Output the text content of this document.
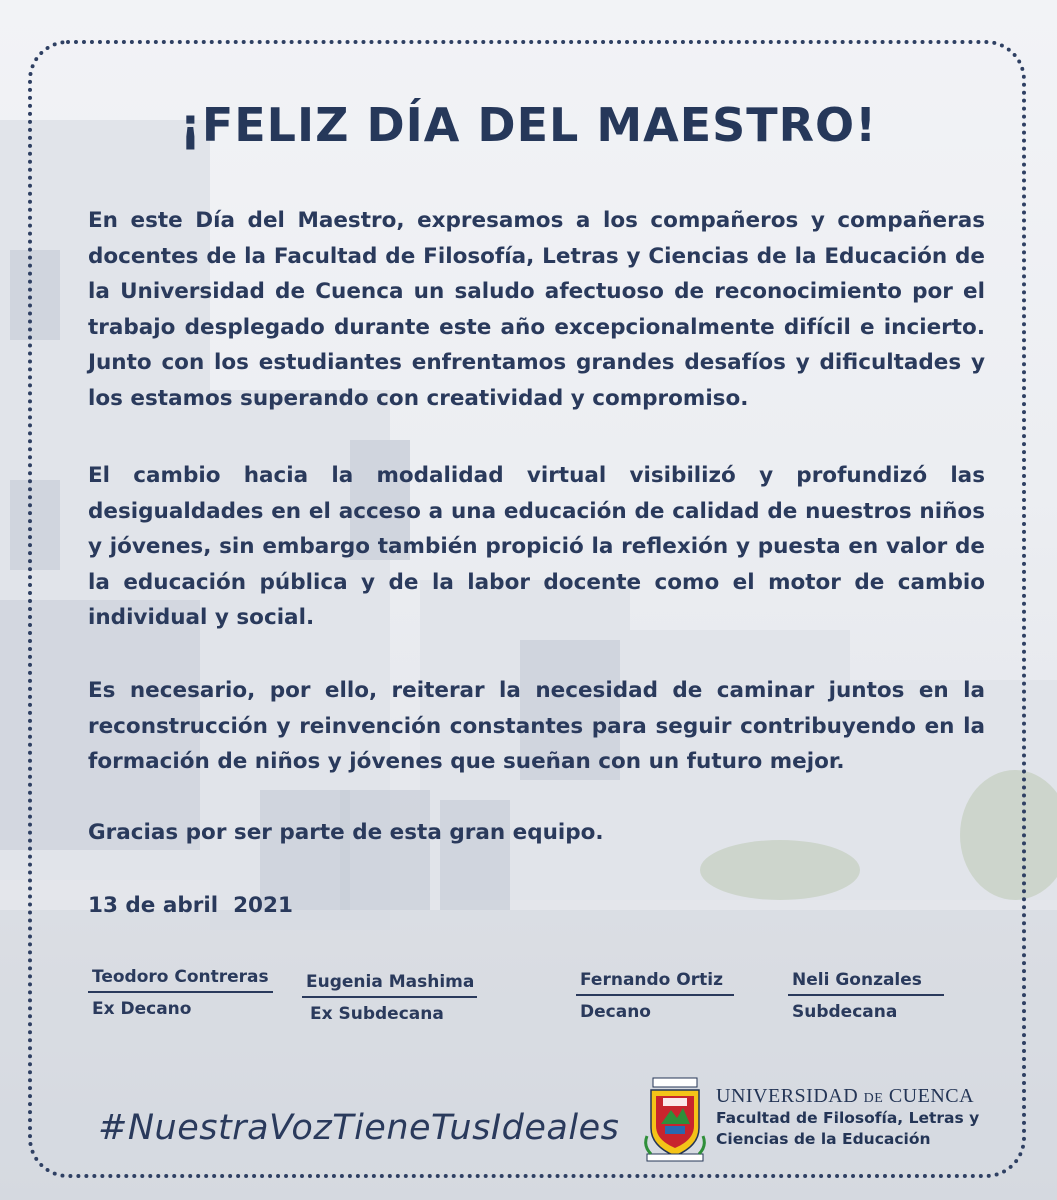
¡FELIZ DÍA DEL MAESTRO!

En este Día del Maestro, expresamos a los compañeros y compañeras docentes de la Facultad de Filosofía, Letras y Ciencias de la Educación de la Universidad de Cuenca un saludo afectuoso de reconocimiento por el trabajo desplegado durante este año excepcionalmente difícil e incierto. Junto con los estudiantes enfrentamos grandes desafíos y dificultades y los estamos superando con creatividad y compromiso.

El cambio hacia la modalidad virtual visibilizó y profundizó las desigualdades en el acceso a una educación de calidad de nuestros niños y jóvenes, sin embargo también propició la reflexión y puesta en valor de la educación pública y de la labor docente como el motor de cambio individual y social.

Es necesario, por ello, reiterar la necesidad de caminar juntos en la reconstrucción y reinvención constantes para seguir contribuyendo en la formación de niños y jóvenes que sueñan con un futuro mejor.

Gracias por ser parte de esta gran equipo.

13 de abril  2021

Teodoro Contreras
Ex Decano
Eugenia Mashima
Ex Subdecana
Fernando Ortiz
Decano
Neli Gonzales
Subdecana

#NuestraVozTieneTusIdeales

UNIVERSIDAD DE CUENCA
Facultad de Filosofía, Letras y
Ciencias de la Educación
